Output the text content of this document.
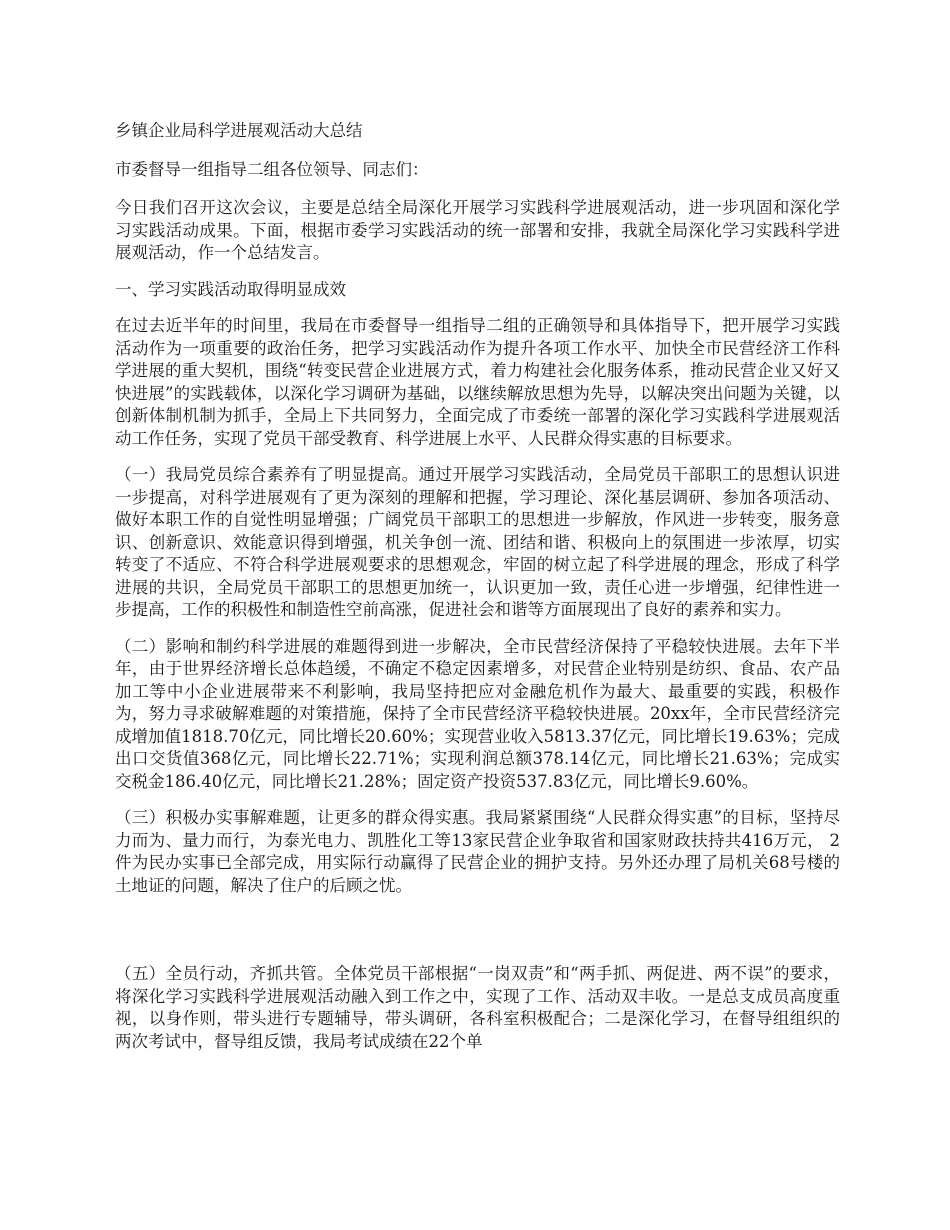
乡镇企业局科学进展观活动大总结

市委督导一组指导二组各位领导、同志们：

今日我们召开这次会议，主要是总结全局深化开展学习实践科学进展观活动，进一步巩固和深化学习实践活动成果。下面，根据市委学习实践活动的统一部署和安排，我就全局深化学习实践科学进展观活动，作一个总结发言。

一、学习实践活动取得明显成效

在过去近半年的时间里，我局在市委督导一组指导二组的正确领导和具体指导下，把开展学习实践活动作为一项重要的政治任务，把学习实践活动作为提升各项工作水平、加快全市民营经济工作科学进展的重大契机，围绕“转变民营企业进展方式，着力构建社会化服务体系，推动民营企业又好又快进展”的实践载体，以深化学习调研为基础，以继续解放思想为先导，以解决突出问题为关键，以创新体制机制为抓手，全局上下共同努力，全面完成了市委统一部署的深化学习实践科学进展观活动工作任务，实现了党员干部受教育、科学进展上水平、人民群众得实惠的目标要求。

（一）我局党员综合素养有了明显提高。通过开展学习实践活动，全局党员干部职工的思想认识进一步提高，对科学进展观有了更为深刻的理解和把握，学习理论、深化基层调研、参加各项活动、做好本职工作的自觉性明显增强；广阔党员干部职工的思想进一步解放，作风进一步转变，服务意识、创新意识、效能意识得到增强，机关争创一流、团结和谐、积极向上的氛围进一步浓厚，切实转变了不适应、不符合科学进展观要求的思想观念，牢固的树立起了科学进展的理念，形成了科学进展的共识，全局党员干部职工的思想更加统一，认识更加一致，责任心进一步增强，纪律性进一步提高，工作的积极性和制造性空前高涨，促进社会和谐等方面展现出了良好的素养和实力。

（二）影响和制约科学进展的难题得到进一步解决，全市民营经济保持了平稳较快进展。去年下半年，由于世界经济增长总体趋缓，不确定不稳定因素增多，对民营企业特别是纺织、食品、农产品加工等中小企业进展带来不利影响，我局坚持把应对金融危机作为最大、最重要的实践，积极作为，努力寻求破解难题的对策措施，保持了全市民营经济平稳较快进展。20xx年，全市民营经济完成增加值1818.70亿元，同比增长20.60%；实现营业收入5813.37亿元，同比增长19.63%；完成出口交货值368亿元，同比增长22.71%；实现利润总额378.14亿元，同比增长21.63%；完成实交税金186.40亿元，同比增长21.28%；固定资产投资537.83亿元，同比增长9.60%。

（三）积极办实事解难题，让更多的群众得实惠。我局紧紧围绕“人民群众得实惠”的目标，坚持尽力而为、量力而行，为泰光电力、凯胜化工等13家民营企业争取省和国家财政扶持共416万元， 2件为民办实事已全部完成，用实际行动赢得了民营企业的拥护支持。另外还办理了局机关68号楼的土地证的问题，解决了住户的后顾之忧。

（五）全员行动，齐抓共管。全体党员干部根据“一岗双责”和“两手抓、两促进、两不误”的要求，将深化学习实践科学进展观活动融入到工作之中，实现了工作、活动双丰收。一是总支成员高度重视，以身作则，带头进行专题辅导，带头调研，各科室积极配合；二是深化学习，在督导组组织的两次考试中，督导组反馈，我局考试成绩在22个单
